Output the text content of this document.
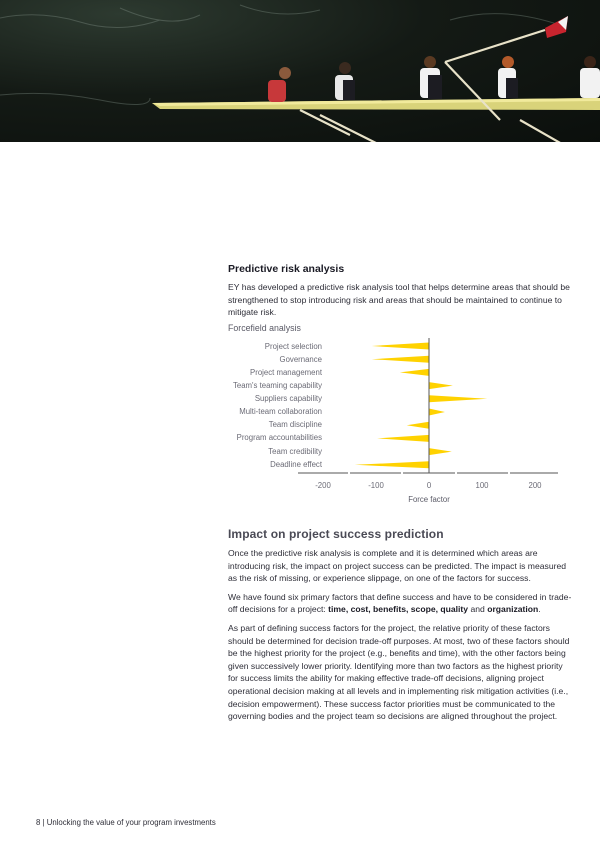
Predictive risk analysis

EY has developed a predictive risk analysis tool that helps determine areas that should be strengthened to stop introducing risk and areas that should be maintained to continue to mitigate risk.

Forcefield analysis
Project selection
Governance
Project management
Team's teaming capability
Suppliers capability
Multi-team collaboration
Team discipline
Program accountabilities
Team credibility
Deadline effect
-200	-100	0	100	200
Force factor
Impact on project success prediction

Once the predictive risk analysis is complete and it is determined which areas are introducing risk, the impact on project success can be predicted. The impact is measured as the risk of missing, or experience slippage, on one of the factors for success.

We have found six primary factors that define success and have to be considered in trade-off decisions for a project: time, cost, benefits, scope, quality and organization.

As part of defining success factors for the project, the relative priority of these factors should be determined for decision trade-off purposes. At most, two of these factors should be the highest priority for the project (e.g., benefits and time), with the other factors being given successively lower priority. Identifying more than two factors as the highest priority for success limits the ability for making effective trade-off decisions, aligning project operational decision making at all levels and in implementing risk mitigation activities (i.e., decision empowerment). These success factor priorities must be communicated to the governing bodies and the project team so decisions are aligned throughout the project.

8 | Unlocking the value of your program investments
